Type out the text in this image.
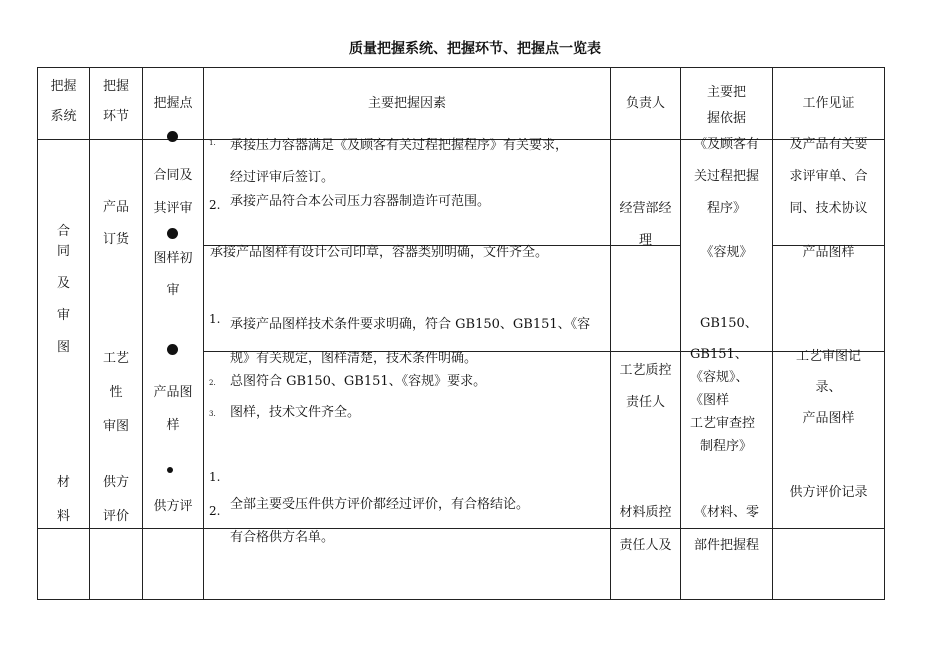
质量把握系统、把握环节、把握点一览表
把握
系统
把握
环节
把握点	主要把握因素	负责人
主要把
握依据
工作见证
合
同
及
审
图
材
料
产品
订货
工艺
性
审图
供方
评价
合同及
其评审
图样初
审
产品图
样
供方评
1. 承接压力容器满足《及顾客有关过程把握程序》有关要求，
经过评审后签订。
2. 承接产品符合本公司压力容器制造许可范围。
承接产品图样有设计公司印章，容器类别明确，文件齐全。
1. 承接产品图样技术条件要求明确，符合 GB150、GB151、《容
规》有关规定，图样清楚，技术条件明确。
2. 总图符合 GB150、GB151、《容规》要求。
3. 图样，技术文件齐全。
1.
2. 全部主要受压件供方评价都经过评价，有合格结论。
有合格供方名单。
经营部经
理
工艺质控
责任人
材料质控
责任人及
《及顾客有
关过程把握
程序》
《容规》
GB150、
GB151、
《容规》、
《图样
工艺审查控
制程序》
《材料、零
部件把握程
及产品有关要
求评审单、合
同、技术协议
产品图样
工艺审图记
录、
产品图样
供方评价记录
